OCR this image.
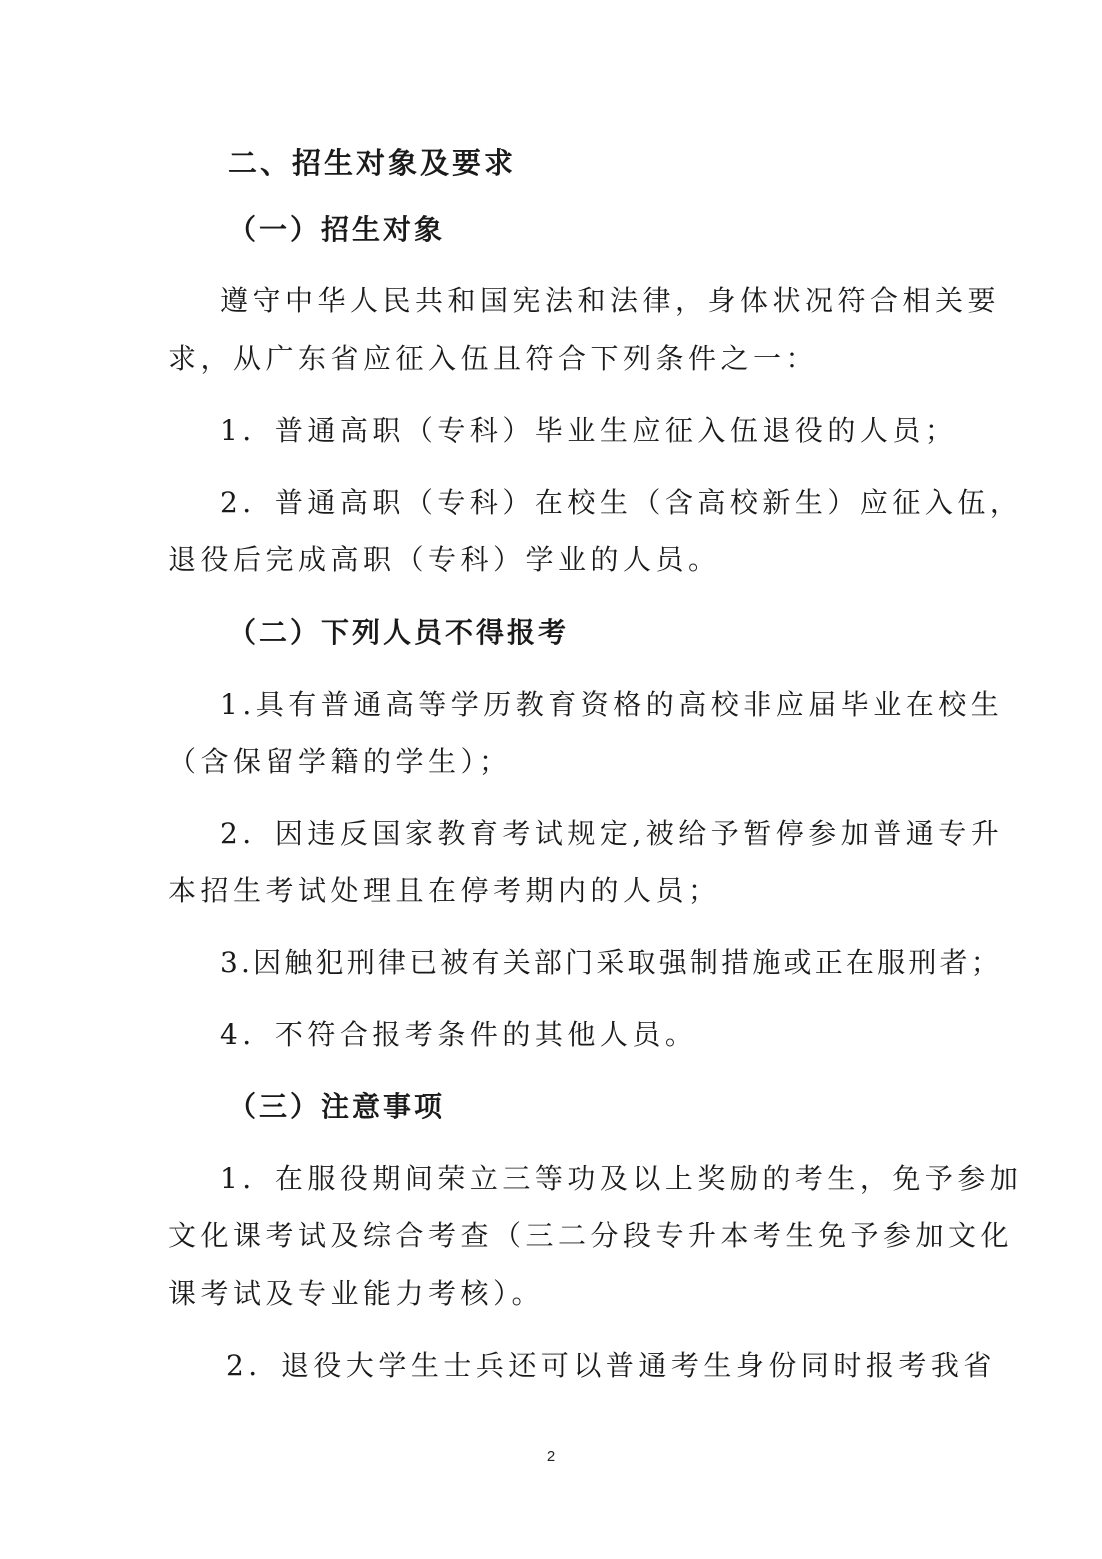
二、招生对象及要求
（一）招生对象
遵守中华人民共和国宪法和法律，身体状况符合相关要
求，从广东省应征入伍且符合下列条件之一：
1．普通高职（专科）毕业生应征入伍退役的人员；
2．普通高职（专科）在校生（含高校新生）应征入伍，
退役后完成高职（专科）学业的人员。
（二）下列人员不得报考
1.具有普通高等学历教育资格的高校非应届毕业在校生
（含保留学籍的学生）；
2．因违反国家教育考试规定,被给予暂停参加普通专升
本招生考试处理且在停考期内的人员；
3.因触犯刑律已被有关部门采取强制措施或正在服刑者；
4．不符合报考条件的其他人员。
（三）注意事项
1．在服役期间荣立三等功及以上奖励的考生，免予参加
文化课考试及综合考查（三二分段专升本考生免予参加文化
课考试及专业能力考核）。
2．退役大学生士兵还可以普通考生身份同时报考我省
2
